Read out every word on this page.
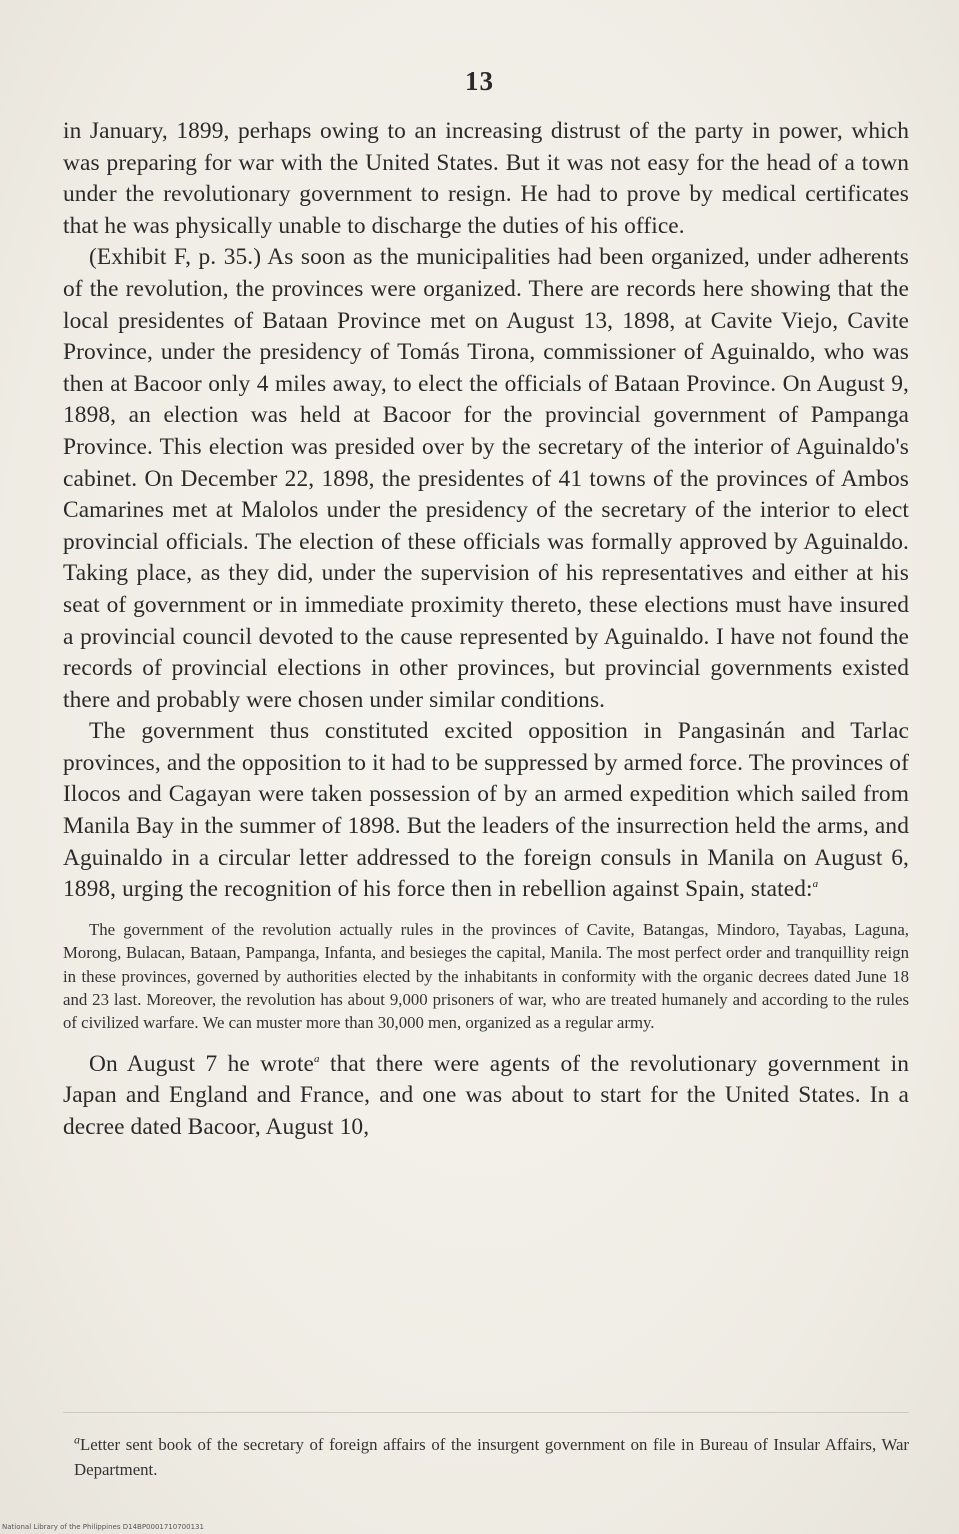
13

in January, 1899, perhaps owing to an increasing distrust of the party in power, which was preparing for war with the United States. But it was not easy for the head of a town under the revolutionary government to resign. He had to prove by medical certificates that he was physically unable to discharge the duties of his office.

(Exhibit F, p. 35.) As soon as the municipalities had been organized, under adherents of the revolution, the provinces were organized. There are records here showing that the local presidentes of Bataan Province met on August 13, 1898, at Cavite Viejo, Cavite Province, under the presidency of Tomás Tirona, commissioner of Aguinaldo, who was then at Bacoor only 4 miles away, to elect the officials of Bataan Province. On August 9, 1898, an election was held at Bacoor for the provincial government of Pampanga Province. This election was presided over by the secretary of the interior of Aguinaldo's cabinet. On December 22, 1898, the presidentes of 41 towns of the provinces of Ambos Camarines met at Malolos under the presidency of the secretary of the interior to elect provincial officials. The election of these officials was formally approved by Aguinaldo. Taking place, as they did, under the supervision of his representatives and either at his seat of government or in immediate proximity thereto, these elections must have insured a provincial council devoted to the cause represented by Aguinaldo. I have not found the records of provincial elections in other provinces, but provincial governments existed there and probably were chosen under similar conditions.

The government thus constituted excited opposition in Pangasinán and Tarlac provinces, and the opposition to it had to be suppressed by armed force. The provinces of Ilocos and Cagayan were taken possession of by an armed expedition which sailed from Manila Bay in the summer of 1898. But the leaders of the insurrection held the arms, and Aguinaldo in a circular letter addressed to the foreign consuls in Manila on August 6, 1898, urging the recognition of his force then in rebellion against Spain, stated:$^a$

The government of the revolution actually rules in the provinces of Cavite, Batangas, Mindoro, Tayabas, Laguna, Morong, Bulacan, Bataan, Pampanga, Infanta, and besieges the capital, Manila. The most perfect order and tranquillity reign in these provinces, governed by authorities elected by the inhabitants in conformity with the organic decrees dated June 18 and 23 last. Moreover, the revolution has about 9,000 prisoners of war, who are treated humanely and according to the rules of civilized warfare. We can muster more than 30,000 men, organized as a regular army.

On August 7 he wrote$^a$ that there were agents of the revolutionary government in Japan and England and France, and one was about to start for the United States. In a decree dated Bacoor, August 10,

$^a$Letter sent book of the secretary of foreign affairs of the insurgent government on file in Bureau of Insular Affairs, War Department.
National Library of the Philippines D14BP0001710700131
